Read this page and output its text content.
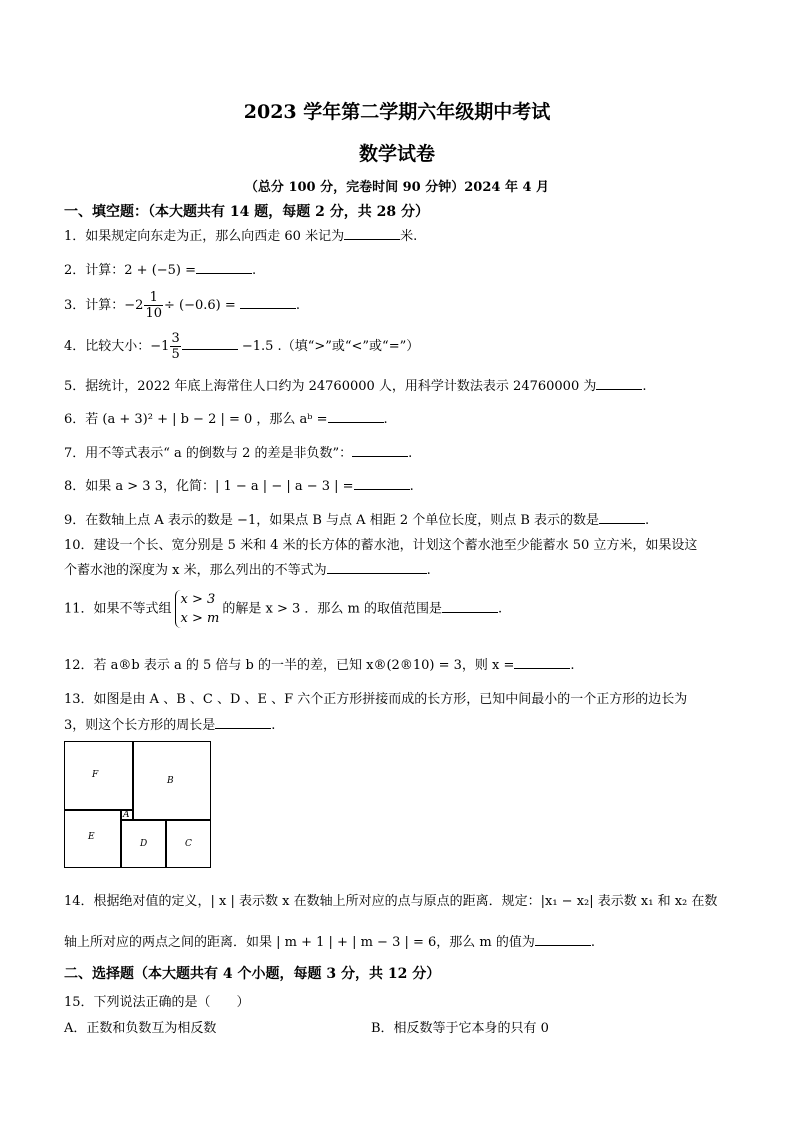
2023 学年第二学期六年级期中考试
数学试卷
（总分 100 分，完卷时间 90 分钟）2024 年 4 月
一、填空题：（本大题共有 14 题，每题 2 分，共 28 分）
1．如果规定向东走为正，那么向西走 60 米记为	米.
2．计算：2 + (−5) =	.
3．计算：$-2 \frac{1}{10} \div (-0.6)$ =	.
4．比较大小：$-1 \frac{3}{5}$	−1.5 .（填“>”或“<”或“=”）
5．据统计，2022 年底上海常住人口约为 24760000 人，用科学计数法表示 24760000 为	.
6．若 (a + 3)² + | b − 2 | = 0 ，那么 aᵇ =	.
7．用不等式表示“ a 的倒数与 2 的差是非负数”：	.
8．如果 a > 3 3，化简：| 1 − a | − | a − 3 | =	.
9．在数轴上点 A 表示的数是 −1，如果点 B 与点 A 相距 2 个单位长度，则点 B 表示的数是	.
10．建设一个长、宽分别是 5 米和 4 米的长方体的蓄水池，计划这个蓄水池至少能蓄水 50 立方米，如果设这
个蓄水池的深度为 x 米，那么列出的不等式为	.
11．如果不等式组
x > 3
x > m
的解是 x > 3 ．那么 m 的取值范围是	.
12．若 a®b 表示 a 的 5 倍与 b 的一半的差，已知 x®(2®10) = 3，则 x =	.
13．如图是由 A 、B 、C 、D 、E 、F 六个正方形拼接而成的长方形，已知中间最小的一个正方形的边长为
3，则这个长方形的周长是	.
F
B
A
E
D	C
14．根据绝对值的定义，| x | 表示数 x 在数轴上所对应的点与原点的距离．规定：|x₁ − x₂| 表示数 x₁ 和 x₂ 在数
轴上所对应的两点之间的距离．如果 | m + 1 | + | m − 3 | = 6，那么 m 的值为	.
二、选择题（本大题共有 4 个小题，每题 3 分，共 12 分）
15．下列说法正确的是（　　）
A．正数和负数互为相反数	B．相反数等于它本身的只有 0
